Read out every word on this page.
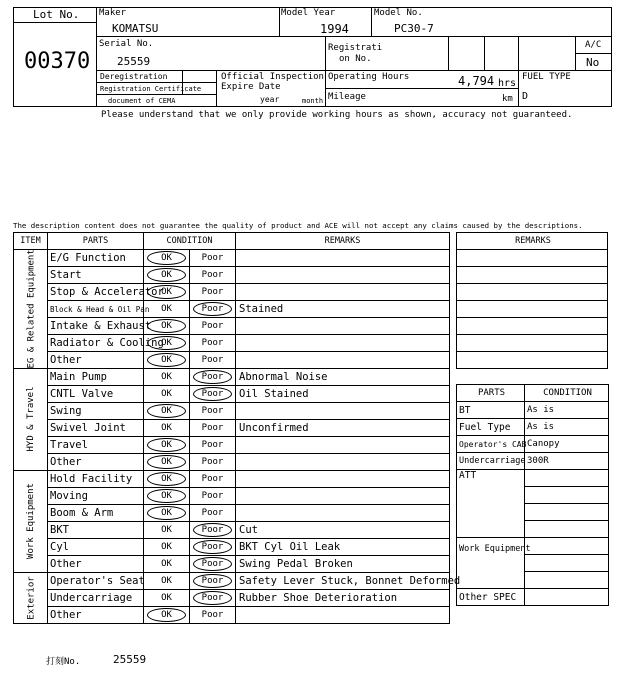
Lot No.
00370
Maker
KOMATSU
Model Year
1994
Model No.
PC30-7
Serial No.
25559
Registrati
on No.
A/C
No
Deregistration
Registration Certificate
document of CEMA
Official Inspection
Expire Date
year	month
Operating Hours	4,794 hrs
Mileage	km
FUEL TYPE
D
Please understand that we only provide working hours as shown, accuracy not guaranteed.
The description content does not guarantee the quality of product and ACE will not accept any claims caused by the descriptions.
ITEM	PARTS	CONDITION		REMARKS

EG & Related Equipment	E/G Function	OK	Poor	
	Start	OK	Poor	
	Stop & Accelerator	OK	Poor	
	Block & Head & Oil Pan	OK	Poor	Stained
	Intake & Exhaust	OK	Poor	
	Radiator & Cooling	OK	Poor	
	Other	OK	Poor	

HYD & Travel	Main Pump	OK	Poor	Abnormal Noise
	CNTL Valve	OK	Poor	Oil Stained
	Swing	OK	Poor	
	Swivel Joint	OK	Poor	Unconfirmed
	Travel	OK	Poor	
	Other	OK	Poor	

Work Equipment	Hold Facility	OK	Poor	
	Moving	OK	Poor	
	Boom & Arm	OK	Poor	
	BKT	OK	Poor	Cut
	Cyl	OK	Poor	BKT Cyl Oil Leak
	Other	OK	Poor	Swing Pedal Broken

Exterior	Operator's Seat	OK	Poor	Safety Lever Stuck, Bonnet Deformed
	Undercarriage	OK	Poor	Rubber Shoe Deterioration
	Other	OK	Poor	
REMARKS

PARTS	CONDITION
BT	As is
Fuel Type	As is
Operator's CAB	Canopy
Undercarriage	300R
ATT	

Work Equipment	

Other SPEC	
打刻No.	25559
